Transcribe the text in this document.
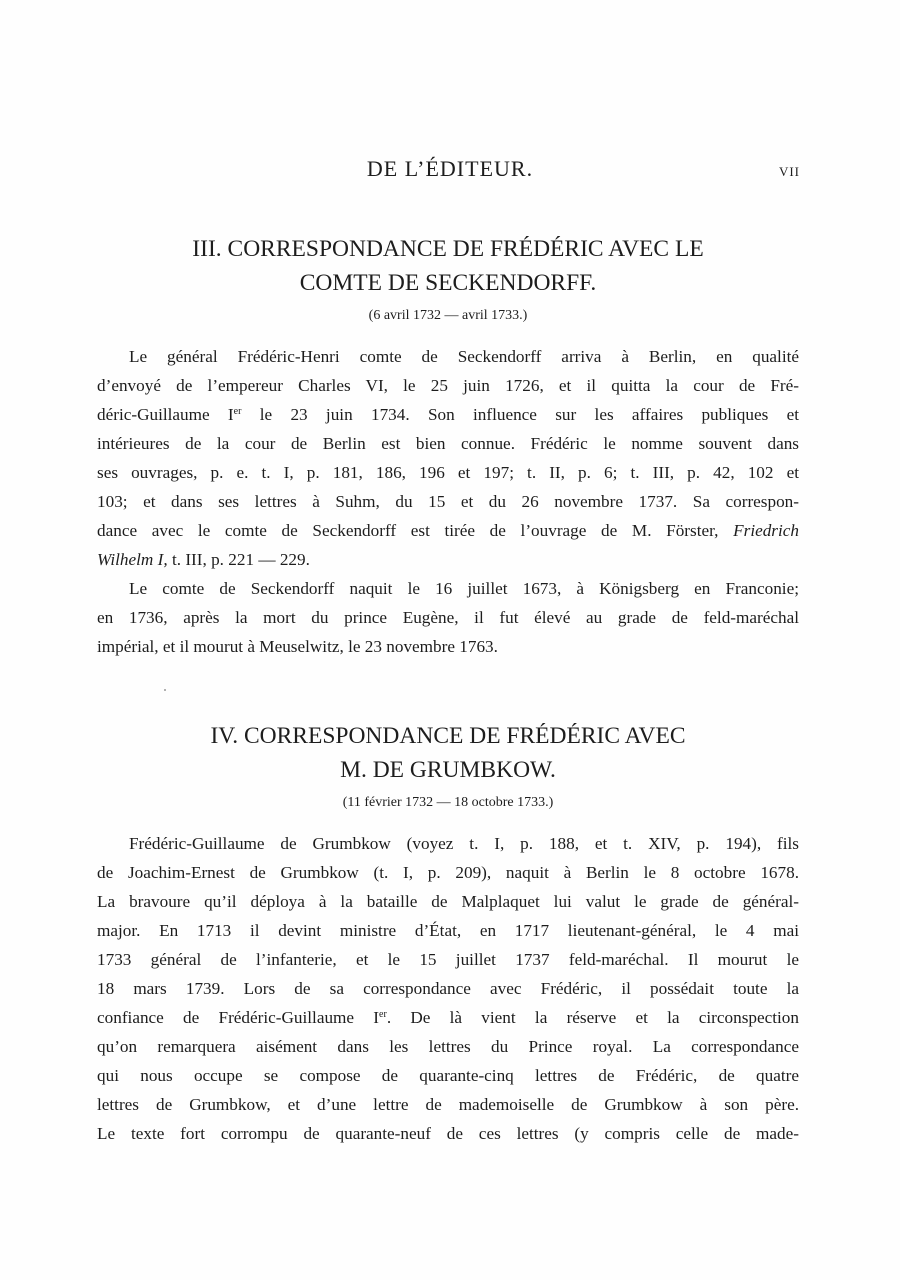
DE L’ÉDITEUR.	VII
III. CORRESPONDANCE DE FRÉDÉRIC AVEC LE
COMTE DE SECKENDORFF.
(6 avril 1732 — avril 1733.)
Le général Frédéric-Henri comte de Seckendorff arriva à Berlin, en qualité
d’envoyé de l’empereur Charles VI, le 25 juin 1726, et il quitta la cour de Fré-
déric-Guillaume Ier le 23 juin 1734. Son influence sur les affaires publiques et
intérieures de la cour de Berlin est bien connue. Frédéric le nomme souvent dans
ses ouvrages, p. e. t. I, p. 181, 186, 196 et 197; t. II, p. 6; t. III, p. 42, 102 et
103; et dans ses lettres à Suhm, du 15 et du 26 novembre 1737. Sa correspon-
dance avec le comte de Seckendorff est tirée de l’ouvrage de M. Förster, Friedrich
Wilhelm I, t. III, p. 221 — 229.
Le comte de Seckendorff naquit le 16 juillet 1673, à Königsberg en Franconie;
en 1736, après la mort du prince Eugène, il fut élevé au grade de feld-maréchal
impérial, et il mourut à Meuselwitz, le 23 novembre 1763.
IV. CORRESPONDANCE DE FRÉDÉRIC AVEC
M. DE GRUMBKOW.
(11 février 1732 — 18 octobre 1733.)
Frédéric-Guillaume de Grumbkow (voyez t. I, p. 188, et t. XIV, p. 194), fils
de Joachim-Ernest de Grumbkow (t. I, p. 209), naquit à Berlin le 8 octobre 1678.
La bravoure qu’il déploya à la bataille de Malplaquet lui valut le grade de général-
major. En 1713 il devint ministre d’État, en 1717 lieutenant-général, le 4 mai
1733 général de l’infanterie, et le 15 juillet 1737 feld-maréchal. Il mourut le
18 mars 1739. Lors de sa correspondance avec Frédéric, il possédait toute la
confiance de Frédéric-Guillaume Ier. De là vient la réserve et la circonspection
qu’on remarquera aisément dans les lettres du Prince royal. La correspondance
qui nous occupe se compose de quarante-cinq lettres de Frédéric, de quatre
lettres de Grumbkow, et d’une lettre de mademoiselle de Grumbkow à son père.
Le texte fort corrompu de quarante-neuf de ces lettres (y compris celle de made-
